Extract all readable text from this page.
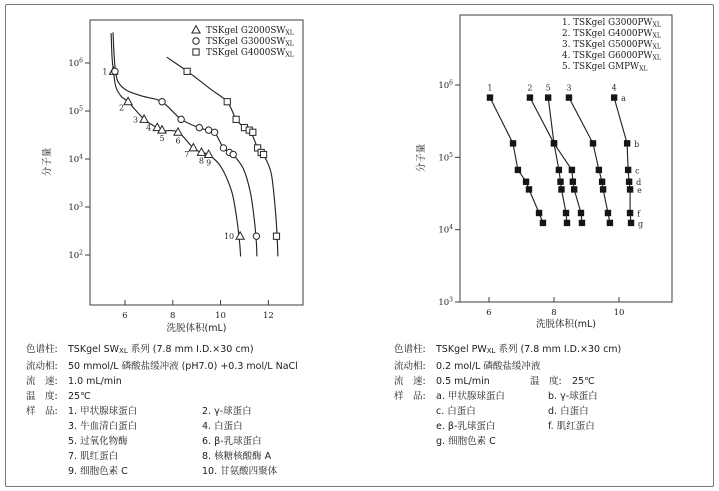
$10^6$
$10^5$
$10^4$
$10^3$
$10^2$
6	8	10	12
洗脱体积(mL)
分子量
TSKgel G2000SWXL
TSKgel G3000SWXL
TSKgel G4000SWXL
1
2
3
4
5 6
7
8 9
10
$10^6$
$10^5$
$10^4$
$10^3$
6	8	10
洗脱体积(mL)
分子量
1. TSKgel G3000PWXL
2. TSKgel G4000PWXL
3. TSKgel G5000PWXL
4. TSKgel G6000PWXL
5. TSKgel GMPWXL
1	2 5 3
a
b
c
d
e
f
g
4
色谱柱:	TSKgel SWXL 系列 (7.8 mm I.D.×30 cm)
流动相:	50 mmol/L 磷酸盐缓冲液 (pH7.0) +0.3 mol/L NaCl
流　速:	1.0 mL/min
温　度:	25℃
样　品:	1. 甲状腺球蛋白	2. γ-球蛋白
3. 牛血清白蛋白	4. 白蛋白
5. 过氧化物酶	6. β-乳球蛋白
7. 肌红蛋白	8. 核糖核酸酶 A
9. 细胞色素 C	10. 甘氨酸四聚体
色谱柱:	TSKgel PWXL 系列 (7.8 mm I.D.×30 cm)
流动相:	0.2 mol/L 磷酸盐缓冲液
流　速:	0.5 mL/min	温　度:	25℃
样　品:	a. 甲状腺球蛋白	b. γ-球蛋白
c. 白蛋白	d. 白蛋白
e. β-乳球蛋白	f. 肌红蛋白
g. 细胞色素 C
